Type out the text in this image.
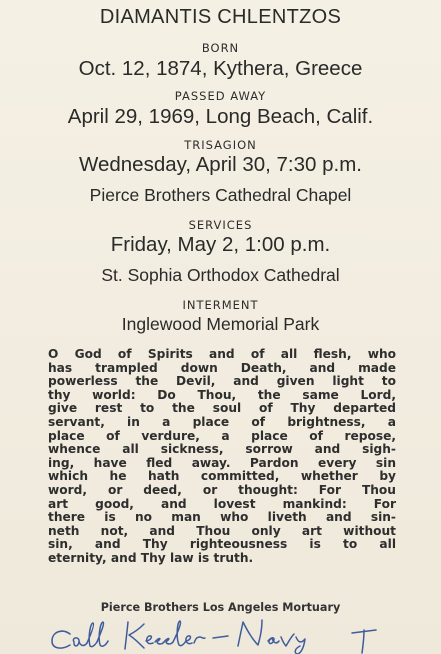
DIAMANTIS CHLENTZOS
BORN
Oct. 12, 1874, Kythera, Greece
PASSED AWAY
April 29, 1969, Long Beach, Calif.
TRISAGION
Wednesday, April 30, 7:30 p.m.
Pierce Brothers Cathedral Chapel
SERVICES
Friday, May 2, 1:00 p.m.
St. Sophia Orthodox Cathedral
INTERMENT
Inglewood Memorial Park
O God of Spirits and of all flesh, who
has trampled down Death, and made
powerless the Devil, and given light to
thy world: Do Thou, the same Lord,
give rest to the soul of Thy departed
servant, in a place of brightness, a
place of verdure, a place of repose,
whence all sickness, sorrow and sigh-
ing, have fled away. Pardon every sin
which he hath committed, whether by
word, or deed, or thought: For Thou
art good, and lovest mankind: For
there is no man who liveth and sin-
neth not, and Thou only art without
sin, and Thy righteousness is to all
eternity, and Thy law is truth.
Pierce Brothers Los Angeles Mortuary
